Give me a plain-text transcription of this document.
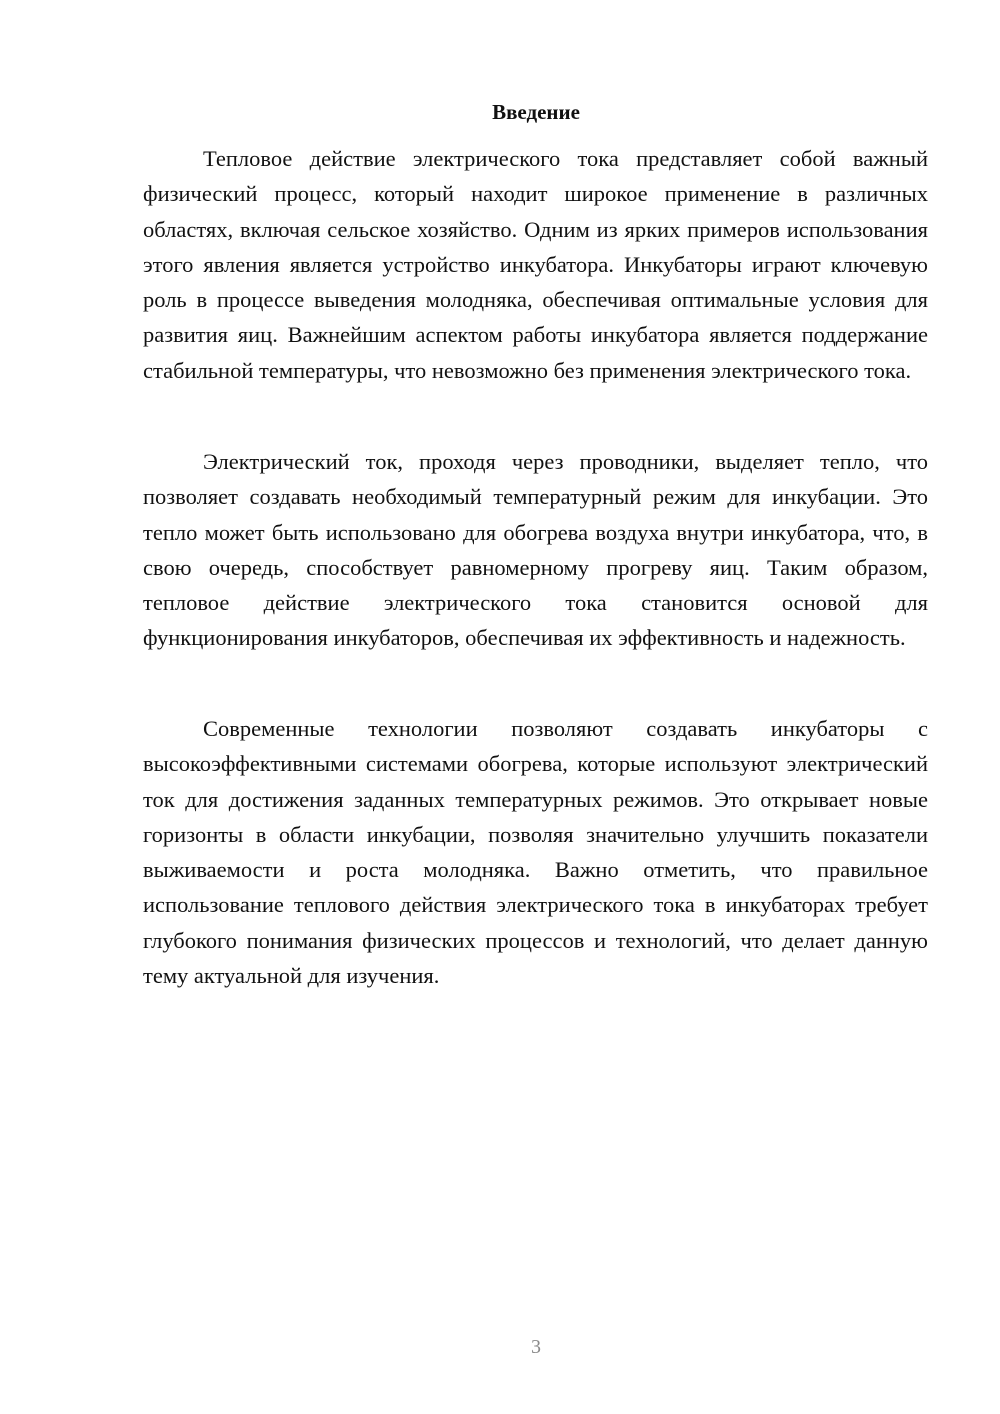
Введение

Тепловое действие электрического тока представляет собой важный физический процесс, который находит широкое применение в различных областях, включая сельское хозяйство. Одним из ярких примеров использования этого явления является устройство инкубатора. Инкубаторы играют ключевую роль в процессе выведения молодняка, обеспечивая оптимальные условия для развития яиц. Важнейшим аспектом работы инкубатора является поддержание стабильной температуры, что невозможно без применения электрического тока.

Электрический ток, проходя через проводники, выделяет тепло, что позволяет создавать необходимый температурный режим для инкубации. Это тепло может быть использовано для обогрева воздуха внутри инкубатора, что, в свою очередь, способствует равномерному прогреву яиц. Таким образом, тепловое действие электрического тока становится основой для функционирования инкубаторов, обеспечивая их эффективность и надежность.

Современные технологии позволяют создавать инкубаторы с высокоэффективными системами обогрева, которые используют электрический ток для достижения заданных температурных режимов. Это открывает новые горизонты в области инкубации, позволяя значительно улучшить показатели выживаемости и роста молодняка. Важно отметить, что правильное использование теплового действия электрического тока в инкубаторах требует глубокого понимания физических процессов и технологий, что делает данную тему актуальной для изучения.

3
